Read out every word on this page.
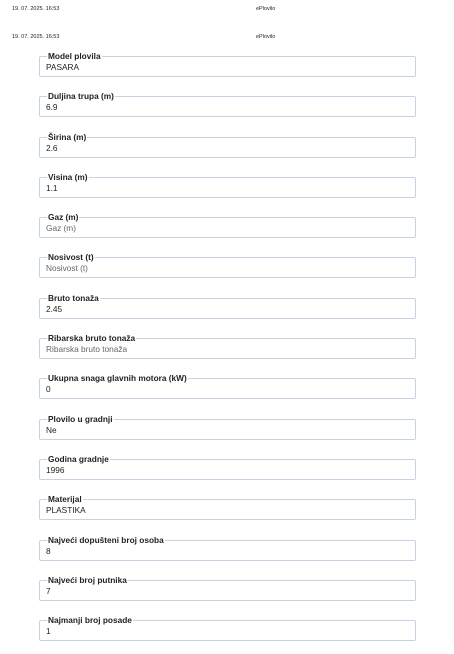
19. 07. 2025. 16:53	ePlovilo
19. 07. 2025. 16:53	ePlovilo
Model plovila
PASARA
Duljina trupa (m)
6.9
Širina (m)
2.6
Visina (m)
1.1
Gaz (m)
Gaz (m)
Nosivost (t)
Nosivost (t)
Bruto tonaža
2.45
Ribarska bruto tonaža
Ribarska bruto tonaža
Ukupna snaga glavnih motora (kW)
0
Plovilo u gradnji
Ne
Godina gradnje
1996
Materijal
PLASTIKA
Najveći dopušteni broj osoba
8
Najveći broj putnika
7
Najmanji broj posade
1
